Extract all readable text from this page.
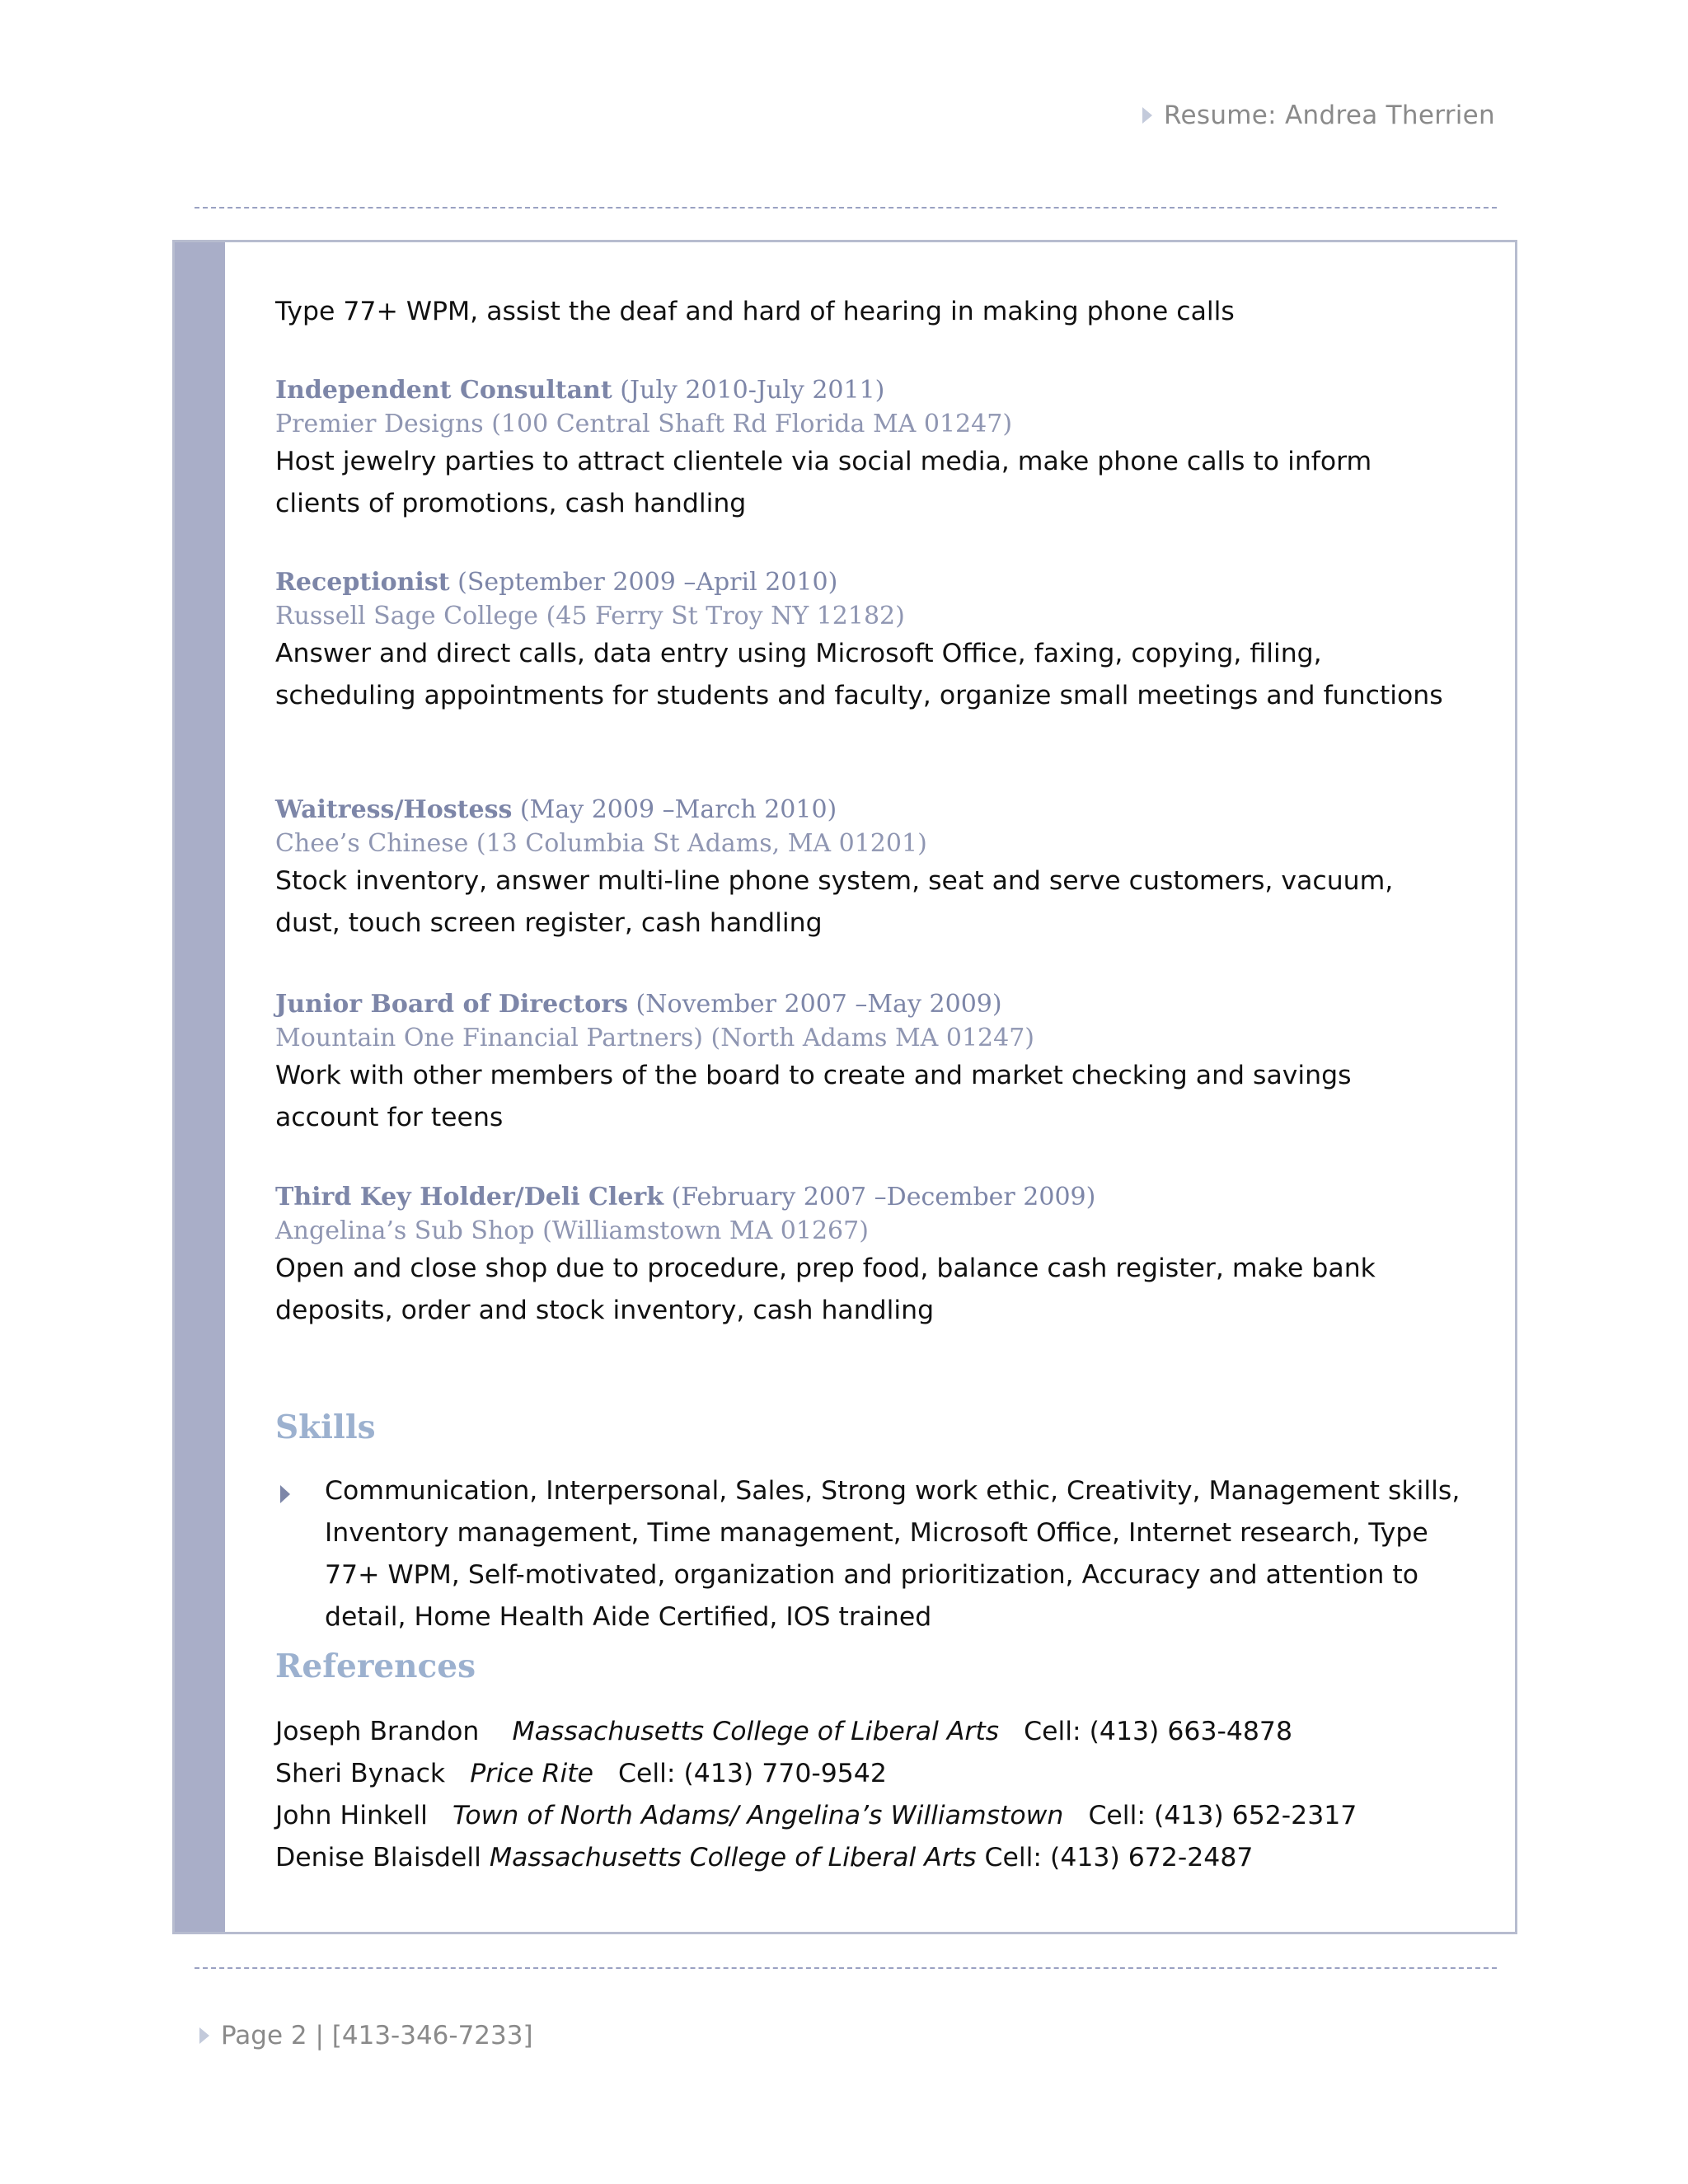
Resume: Andrea Therrien
Type 77+ WPM, assist the deaf and hard of hearing in making phone calls
Independent Consultant (July 2010-July 2011)
Premier Designs (100 Central Shaft Rd Florida MA 01247)
Host jewelry parties to attract clientele via social media, make phone calls to inform clients of promotions, cash handling
Receptionist (September 2009 –April 2010)
Russell Sage College (45 Ferry St Troy NY 12182)
Answer and direct calls, data entry using Microsoft Office, faxing, copying, filing, scheduling appointments for students and faculty, organize small meetings and functions
Waitress/Hostess (May 2009 –March 2010)
Chee’s Chinese (13 Columbia St Adams, MA 01201)
Stock inventory, answer multi-line phone system, seat and serve customers, vacuum, dust, touch screen register, cash handling
Junior Board of Directors (November 2007 –May 2009)
Mountain One Financial Partners) (North Adams MA 01247)
Work with other members of the board to create and market checking and savings account for teens
Third Key Holder/Deli Clerk (February 2007 –December 2009)
Angelina’s Sub Shop (Williamstown MA 01267)
Open and close shop due to procedure, prep food, balance cash register, make bank deposits, order and stock inventory, cash handling
Skills
Communication, Interpersonal, Sales, Strong work ethic, Creativity, Management skills, Inventory management, Time management, Microsoft Office, Internet research, Type 77+ WPM, Self-motivated, organization and prioritization, Accuracy and attention to detail, Home Health Aide Certified, IOS trained
References
Joseph Brandon Massachusetts College of Liberal Arts Cell: (413) 663-4878
Sheri Bynack Price Rite Cell: (413) 770-9542
John Hinkell Town of North Adams/ Angelina’s Williamstown Cell: (413) 652-2317
Denise Blaisdell Massachusetts College of Liberal Arts Cell: (413) 672-2487
Page 2 | [413-346-7233]
